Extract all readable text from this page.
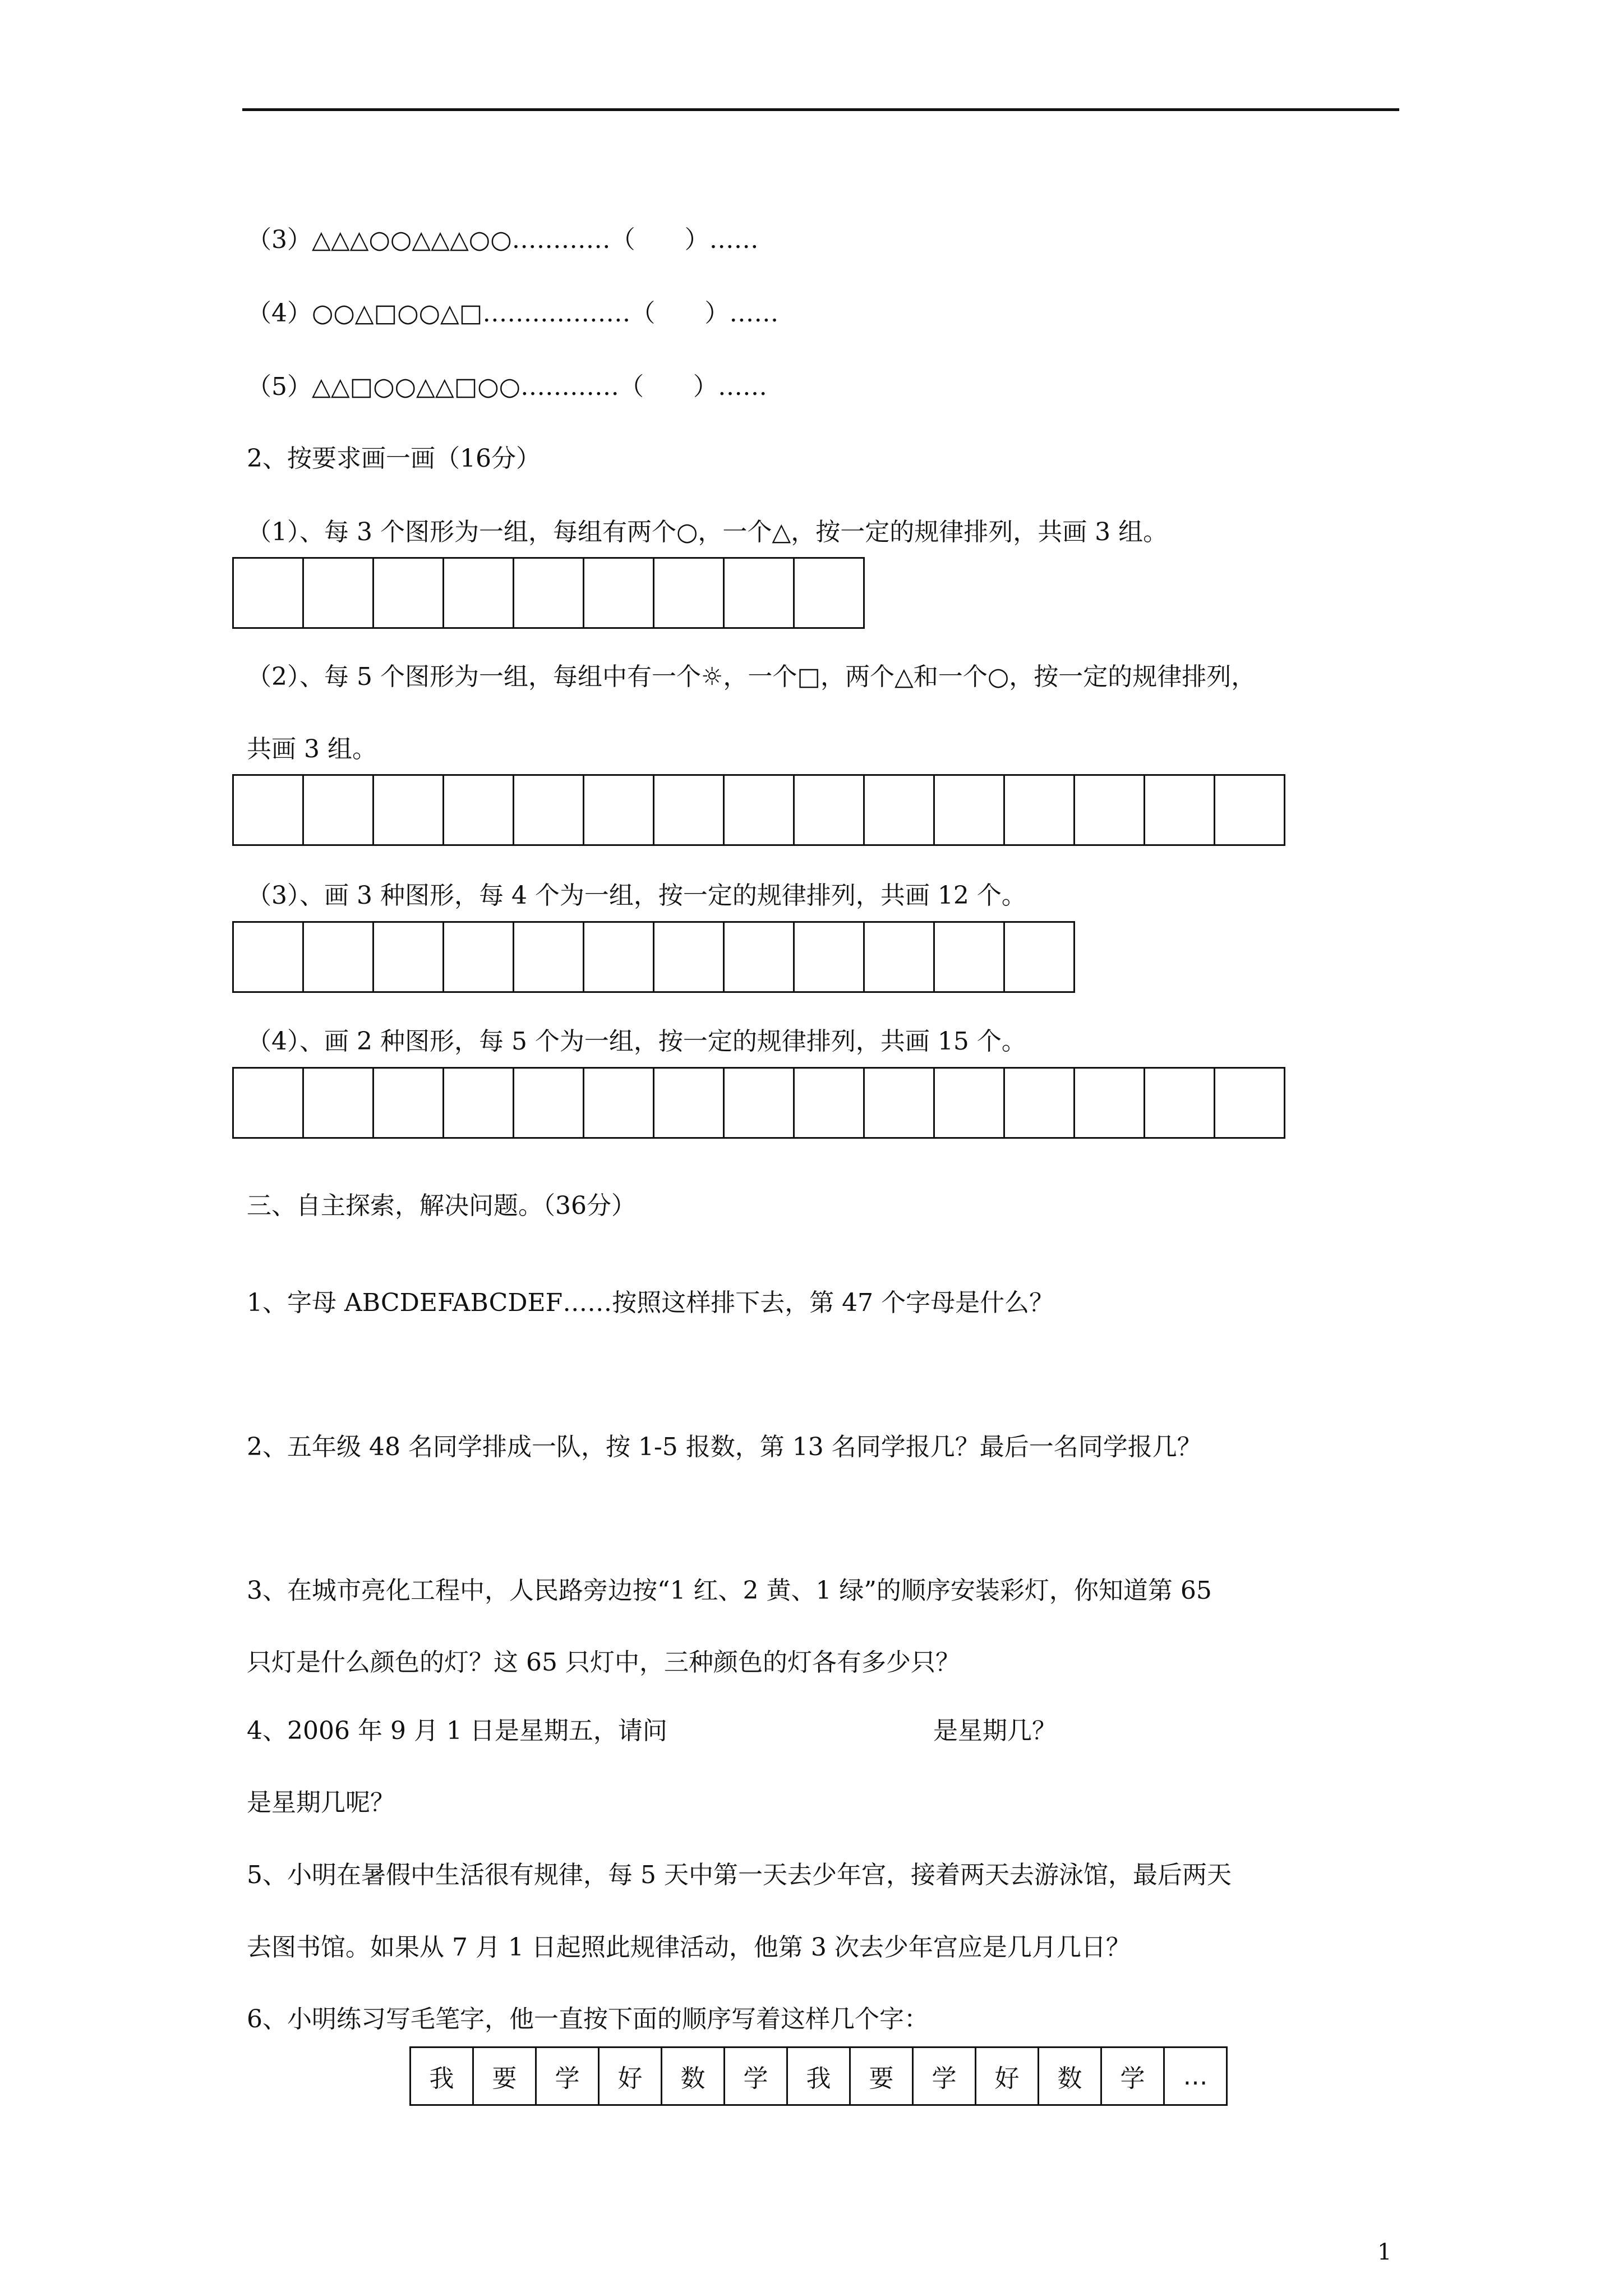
（3）△△△○○△△△○○…………（　　）……
（4）○○△□○○△□………………（　　）……
（5）△△□○○△△□○○…………（　　）……
2、按要求画一画（16分）
（1）、每 3 个图形为一组，每组有两个○，一个△，按一定的规律排列，共画 3 组。
（2）、每 5 个图形为一组，每组中有一个☼，一个□，两个△和一个○，按一定的规律排列，
共画 3 组。
（3）、画 3 种图形，每 4 个为一组，按一定的规律排列，共画 12 个。
（4）、画 2 种图形，每 5 个为一组，按一定的规律排列，共画 15 个。
三、自主探索，解决问题。（36分）
1、字母 ABCDEFABCDEF……按照这样排下去，第 47 个字母是什么？
2、五年级 48 名同学排成一队，按 1-5 报数，第 13 名同学报几？最后一名同学报几？
3、在城市亮化工程中，人民路旁边按“1 红、2 黄、1 绿”的顺序安装彩灯，你知道第 65
只灯是什么颜色的灯？这 65 只灯中，三种颜色的灯各有多少只？
4、2006 年 9 月 1 日是星期五，请问	是星期几？
是星期几呢？
5、小明在暑假中生活很有规律，每 5 天中第一天去少年宫，接着两天去游泳馆，最后两天
去图书馆。如果从 7 月 1 日起照此规律活动，他第 3 次去少年宫应是几月几日？
6、小明练习写毛笔字，他一直按下面的顺序写着这样几个字：
我	要	学	好	数	学	我	要	学	好	数	学	…
1
